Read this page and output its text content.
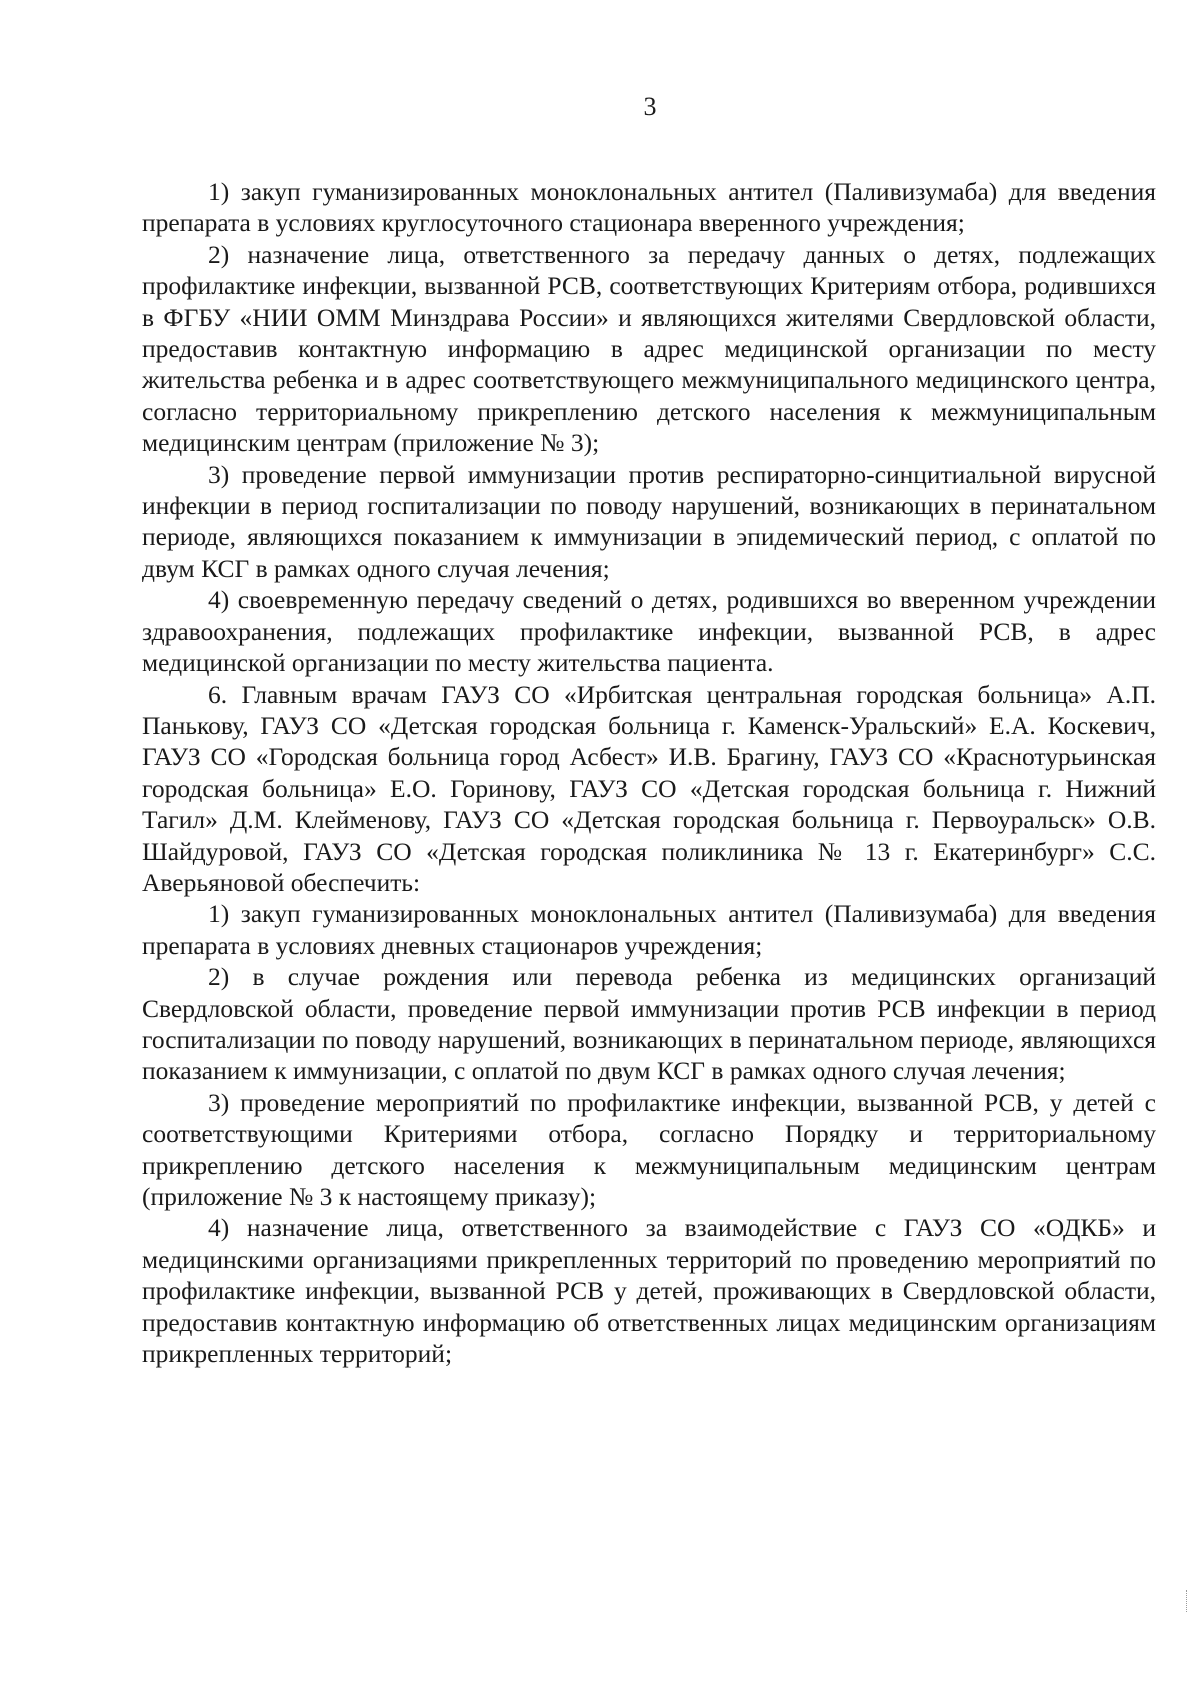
3

1) закуп гуманизированных моноклональных антител (Паливизумаба) для введения препарата в условиях круглосуточного стационара вверенного учреждения;

2) назначение лица, ответственного за передачу данных о детях, подлежащих профилактике инфекции, вызванной РСВ, соответствующих Критериям отбора, родившихся в ФГБУ «НИИ ОММ Минздрава России» и являющихся жителями Свердловской области, предоставив контактную информацию в адрес медицинской организации по месту жительства ребенка и в адрес соответствующего межмуниципального медицинского центра, согласно территориальному прикреплению детского населения к межмуниципальным медицинским центрам (приложение № 3);

3) проведение первой иммунизации против респираторно-синцитиальной вирусной инфекции в период госпитализации по поводу нарушений, возникающих в перинатальном периоде, являющихся показанием к иммунизации в эпидемический период, с оплатой по двум КСГ в рамках одного случая лечения;

4) своевременную передачу сведений о детях, родившихся во вверенном учреждении здравоохранения, подлежащих профилактике инфекции, вызванной РСВ, в адрес медицинской организации по месту жительства пациента.

6. Главным врачам ГАУЗ СО «Ирбитская центральная городская больница» А.П. Панькову, ГАУЗ СО «Детская городская больница г. Каменск-Уральский» Е.А. Коскевич, ГАУЗ СО «Городская больница город Асбест» И.В. Брагину, ГАУЗ СО «Краснотурьинская городская больница» Е.О. Горинову, ГАУЗ СО «Детская городская больница г. Нижний Тагил» Д.М. Клейменову, ГАУЗ СО «Детская городская больница г. Первоуральск» О.В. Шайдуровой, ГАУЗ СО «Детская городская поликлиника № 13 г. Екатеринбург» С.С. Аверьяновой обеспечить:

1) закуп гуманизированных моноклональных антител (Паливизумаба) для введения препарата в условиях дневных стационаров учреждения;

2) в случае рождения или перевода ребенка из медицинских организаций Свердловской области, проведение первой иммунизации против РСВ инфекции в период госпитализации по поводу нарушений, возникающих в перинатальном периоде, являющихся показанием к иммунизации, с оплатой по двум КСГ в рамках одного случая лечения;

3) проведение мероприятий по профилактике инфекции, вызванной РСВ, у детей с соответствующими Критериями отбора, согласно Порядку и территориальному прикреплению детского населения к межмуниципальным медицинским центрам (приложение № 3 к настоящему приказу);

4) назначение лица, ответственного за взаимодействие с ГАУЗ СО «ОДКБ» и медицинскими организациями прикрепленных территорий по проведению мероприятий по профилактике инфекции, вызванной РСВ у детей, проживающих в Свердловской области, предоставив контактную информацию об ответственных лицах медицинским организациям прикрепленных территорий;
